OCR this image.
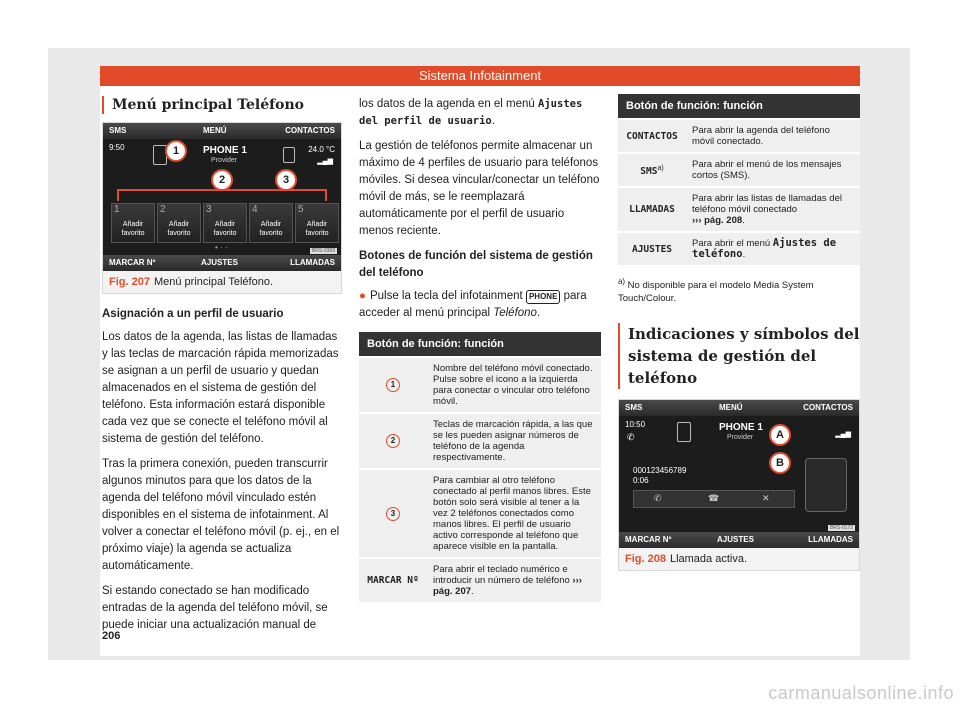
Sistema Infotainment
Menú principal Teléfono
SMS	MENÚ	CONTACTOS
9:50	PHONE 1
Provider
24.0 °C
▂▄▆
1
2	3
1
Añadir favorito
2
Añadir favorito
3
Añadir favorito
4
Añadir favorito
5
Añadir favorito
• · ·
MARCAR Nº	AJUSTES	LLAMADAS
BRS-0368
Fig. 207 Menú principal Teléfono.
Asignación a un perfil de usuario

Los datos de la agenda, las listas de llamadas y las teclas de marcación rápida memorizadas se asignan a un perfil de usuario y quedan almacenados en el sistema de gestión del teléfono. Esta información estará disponible cada vez que se conecte el teléfono móvil al sistema de gestión del teléfono.

Tras la primera conexión, pueden transcurrir algunos minutos para que los datos de la agenda del teléfono móvil vinculado estén disponibles en el sistema de infotainment. Al volver a conectar el teléfono móvil (p. ej., en el próximo viaje) la agenda se actualiza automáticamente.

Si estando conectado se han modificado entradas de la agenda del teléfono móvil, se puede iniciar una actualización manual de

los datos de la agenda en el menú Ajustes del perfil de usuario.

La gestión de teléfonos permite almacenar un máximo de 4 perfiles de usuario para teléfonos móviles. Si desea vincular/conectar un teléfono móvil de más, se le reemplazará automáticamente por el perfil de usuario menos reciente.

Botones de función del sistema de gestión del teléfono

● Pulse la tecla del infotainment PHONE para acceder al menú principal Teléfono.

Botón de función: función	
1	Nombre del teléfono móvil conectado. Pulse sobre el icono a la izquierda para conectar o vincular otro teléfono móvil.
2	Teclas de marcación rápida, a las que se les pueden asignar números de teléfono de la agenda respectivamente.
3	Para cambiar al otro teléfono conectado al perfil manos libres. Este botón solo será visible al tener a la vez 2 teléfonos conectados como manos libres. El perfil de usuario activo corresponde al teléfono que aparece visible en la pantalla.
MARCAR Nº	Para abrir el teclado numérico e introducir un número de teléfono ››› pág. 207.
Botón de función: función	
CONTACTOS	Para abrir la agenda del teléfono móvil conectado.
SMS$^{a)}$	Para abrir el menú de los mensajes cortos (SMS).
LLAMADAS	Para abrir las listas de llamadas del teléfono móvil conectado
››› pág. 208.
AJUSTES	Para abrir el menú Ajustes de teléfono.
$^{a)}$ No disponible para el modelo Media System Touch/Colour.
Indicaciones y símbolos del sistema de gestión del teléfono
SMS	MENÚ	CONTACTOS
10:50
✆
PHONE 1
Provider	▂▄▆
000123456789
0:06
A
B
✆	☎	✕
MARCAR Nº	AJUSTES	LLAMADAS
BRS-0172
Fig. 208 Llamada activa.
206
carmanualsonline.info
